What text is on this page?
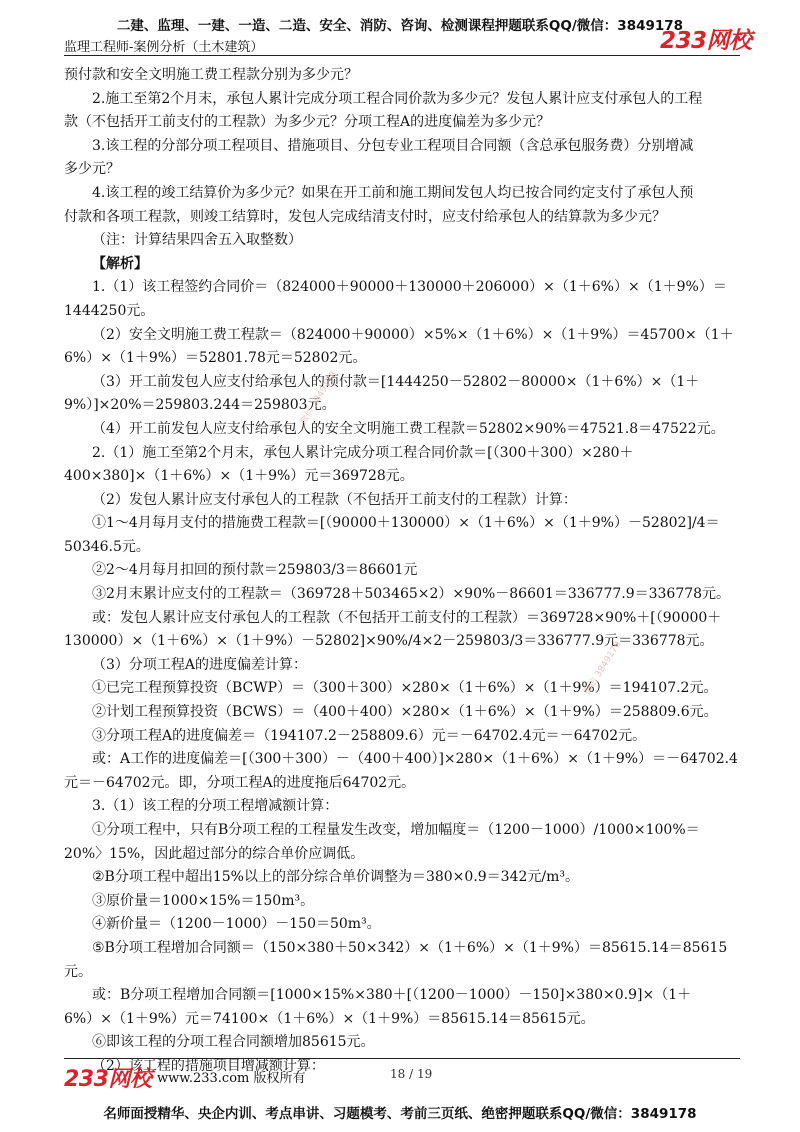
二建、监理、一建、一造、二造、安全、消防、咨询、检测课程押题联系QQ/微信：3849178
监理工程师-案例分析（土木建筑）	233网校

预付款和安全文明施工费工程款分别为多少元？

2.施工至第2个月末，承包人累计完成分项工程合同价款为多少元？发包人累计应支付承包人的工程

款（不包括开工前支付的工程款）为多少元？分项工程A的进度偏差为多少元？

3.该工程的分部分项工程项目、措施项目、分包专业工程项目合同额（含总承包服务费）分别增减

多少元？

4.该工程的竣工结算价为多少元？如果在开工前和施工期间发包人均已按合同约定支付了承包人预

付款和各项工程款，则竣工结算时，发包人完成结清支付时，应支付给承包人的结算款为多少元？

（注：计算结果四舍五入取整数）

【解析】

1.（1）该工程签约合同价＝（824000＋90000＋130000＋206000）×（1＋6%）×（1＋9%）＝

1444250元。

（2）安全文明施工费工程款＝（824000＋90000）×5%×（1＋6%）×（1＋9%）＝45700×（1＋

6%）×（1＋9%）＝52801.78元＝52802元。

（3）开工前发包人应支付给承包人的预付款＝[1444250－52802－80000×（1＋6%）×（1＋

9%）]×20%＝259803.244＝259803元。

（4）开工前发包人应支付给承包人的安全文明施工费工程款＝52802×90%＝47521.8＝47522元。

2.（1）施工至第2个月末，承包人累计完成分项工程合同价款＝[（300＋300）×280＋

400×380]×（1＋6%）×（1＋9%）元＝369728元。

（2）发包人累计应支付承包人的工程款（不包括开工前支付的工程款）计算：

①1～4月每月支付的措施费工程款＝[（90000＋130000）×（1＋6%）×（1＋9%）－52802]/4＝

50346.5元。

②2～4月每月扣回的预付款＝259803/3＝86601元

③2月末累计应支付的工程款＝（369728＋503465×2）×90%－86601＝336777.9＝336778元。

或：发包人累计应支付承包人的工程款（不包括开工前支付的工程款）＝369728×90%＋[（90000＋

130000）×（1＋6%）×（1＋9%）－52802]×90%/4×2－259803/3＝336777.9元＝336778元。

（3）分项工程A的进度偏差计算：

①已完工程预算投资（BCWP）＝（300＋300）×280×（1＋6%）×（1＋9%）＝194107.2元。

②计划工程预算投资（BCWS）＝（400＋400）×280×（1＋6%）×（1＋9%）＝258809.6元。

③分项工程A的进度偏差＝（194107.2－258809.6）元＝－64702.4元＝－64702元。

或：A工作的进度偏差＝[（300＋300）－（400＋400）]×280×（1＋6%）×（1＋9%）＝－64702.4

元＝－64702元。即，分项工程A的进度拖后64702元。

3.（1）该工程的分项工程增减额计算：

①分项工程中，只有B分项工程的工程量发生改变，增加幅度＝（1200－1000）/1000×100%＝

20%〉15%，因此超过部分的综合单价应调低。

②B分项工程中超出15%以上的部分综合单价调整为＝380×0.9＝342元/m³。

③原价量＝1000×15%＝150m³。

④新价量＝（1200－1000）－150＝50m³。

⑤B分项工程增加合同额＝（150×380＋50×342）×（1＋6%）×（1＋9%）＝85615.14＝85615元。

或：B分项工程增加合同额＝[1000×15%×380＋[（1200－1000）－150]×380×0.9]×（1＋

6%）×（1＋9%）元＝74100×（1＋6%）×（1＋9%）＝85615.14＝85615元。

⑥即该工程的分项工程合同额增加85615元。

（2）该工程的措施项目增减额计算：

微信 3849178
微信 3849178
233网校 www.233.com 版权所有	18 / 19
名师面授精华、央企内训、考点串讲、习题模考、考前三页纸、绝密押题联系QQ/微信：3849178
